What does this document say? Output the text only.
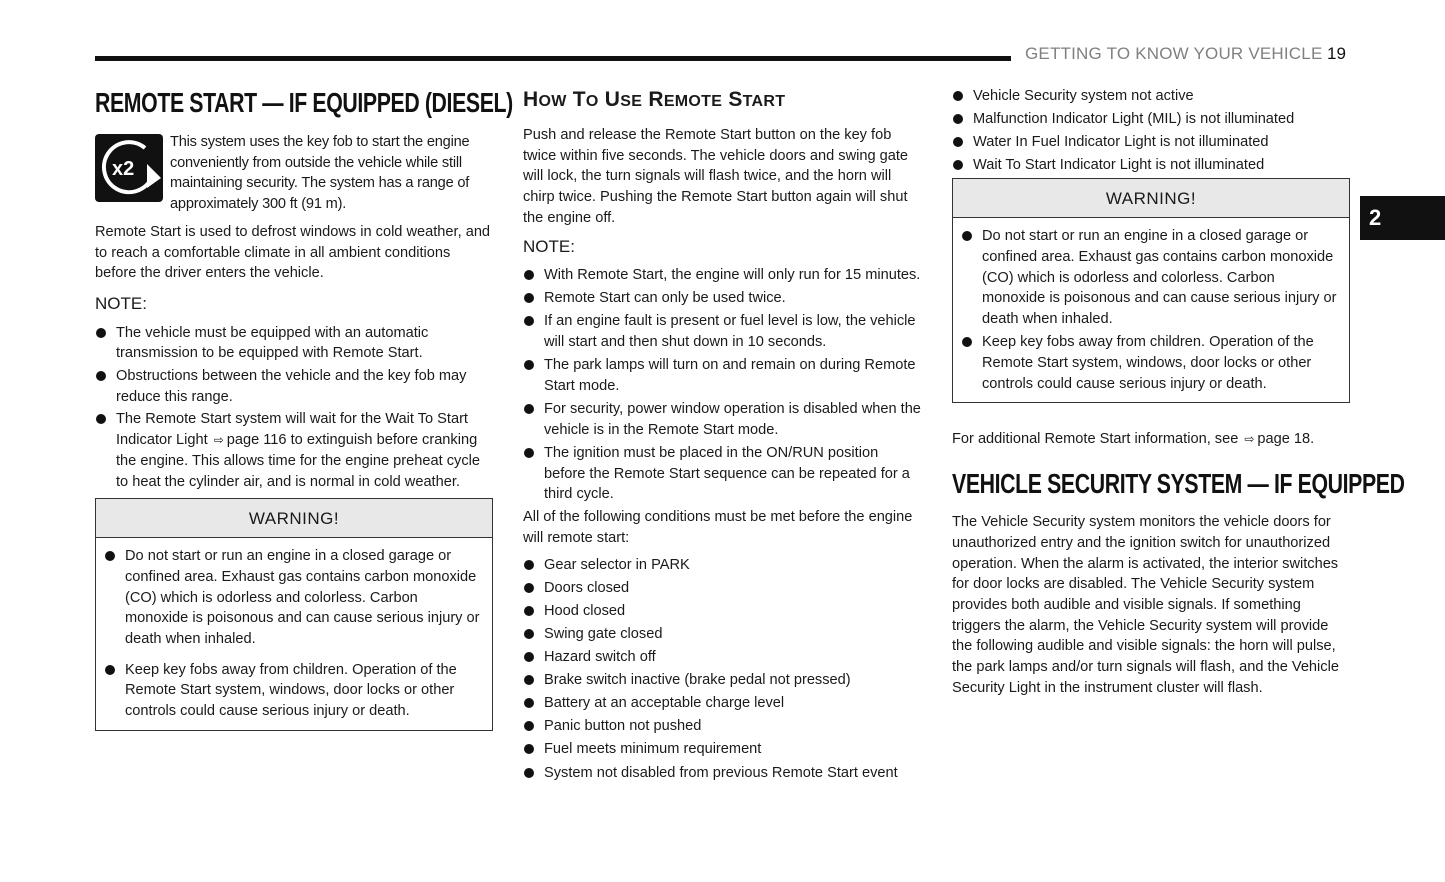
GETTING TO KNOW YOUR VEHICLE 19
2
REMOTE START — IF EQUIPPED (DIESEL)
x2

This system uses the key fob to start the engine conveniently from outside the vehicle while still maintaining security. The system has a range of approximately 300 ft (91 m).

Remote Start is used to defrost windows in cold weather, and to reach a comfortable climate in all ambient conditions before the driver enters the vehicle.

NOTE:
The vehicle must be equipped with an automatic transmission to be equipped with Remote Start.
Obstructions between the vehicle and the key fob may reduce this range.
The Remote Start system will wait for the Wait To Start Indicator Light ⇨ page 116 to extinguish before cranking the engine. This allows time for the engine preheat cycle to heat the cylinder air, and is normal in cold weather.
WARNING!
Do not start or run an engine in a closed garage or confined area. Exhaust gas contains carbon monoxide (CO) which is odorless and colorless. Carbon monoxide is poisonous and can cause serious injury or death when inhaled.
Keep key fobs away from children. Operation of the Remote Start system, windows, door locks or other controls could cause serious injury or death.
HOW TO USE REMOTE START

Push and release the Remote Start button on the key fob twice within five seconds. The vehicle doors and swing gate will lock, the turn signals will flash twice, and the horn will chirp twice. Pushing the Remote Start button again will shut the engine off.

NOTE:
With Remote Start, the engine will only run for 15 minutes.
Remote Start can only be used twice.
If an engine fault is present or fuel level is low, the vehicle will start and then shut down in 10 seconds.
The park lamps will turn on and remain on during Remote Start mode.
For security, power window operation is disabled when the vehicle is in the Remote Start mode.
The ignition must be placed in the ON/RUN position before the Remote Start sequence can be repeated for a third cycle.

All of the following conditions must be met before the engine will remote start:

Gear selector in PARK
Doors closed
Hood closed
Swing gate closed
Hazard switch off
Brake switch inactive (brake pedal not pressed)
Battery at an acceptable charge level
Panic button not pushed
Fuel meets minimum requirement
System not disabled from previous Remote Start event
Vehicle Security system not active
Malfunction Indicator Light (MIL) is not illuminated
Water In Fuel Indicator Light is not illuminated
Wait To Start Indicator Light is not illuminated
WARNING!
Do not start or run an engine in a closed garage or confined area. Exhaust gas contains carbon monoxide (CO) which is odorless and colorless. Carbon monoxide is poisonous and can cause serious injury or death when inhaled.
Keep key fobs away from children. Operation of the Remote Start system, windows, door locks or other controls could cause serious injury or death.

For additional Remote Start information, see ⇨ page 18.

VEHICLE SECURITY SYSTEM — IF EQUIPPED

The Vehicle Security system monitors the vehicle doors for unauthorized entry and the ignition switch for unauthorized operation. When the alarm is activated, the interior switches for door locks are disabled. The Vehicle Security system provides both audible and visible signals. If something triggers the alarm, the Vehicle Security system will provide the following audible and visible signals: the horn will pulse, the park lamps and/or turn signals will flash, and the Vehicle Security Light in the instrument cluster will flash.
